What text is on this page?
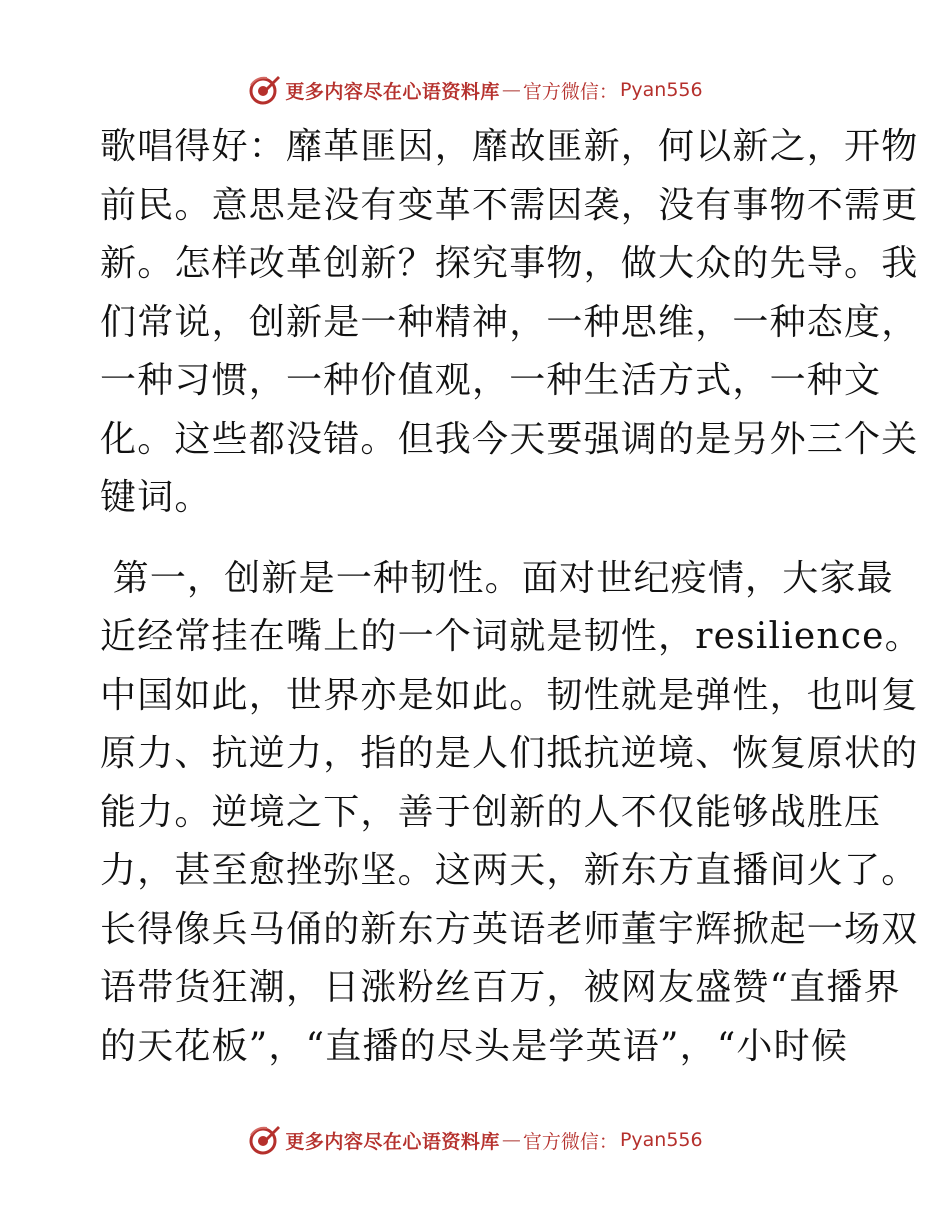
更多内容尽在心语资料库 — 官方微信： Pyan556
歌唱得好：靡革匪因，靡故匪新，何以新之，开物
前民。意思是没有变革不需因袭，没有事物不需更
新。怎样改革创新？探究事物，做大众的先导。我
们常说，创新是一种精神，一种思维，一种态度，
一种习惯，一种价值观，一种生活方式，一种文
化。这些都没错。但我今天要强调的是另外三个关
键词。
第一，创新是一种韧性。面对世纪疫情，大家最
近经常挂在嘴上的一个词就是韧性，resilience。
中国如此，世界亦是如此。韧性就是弹性，也叫复
原力、抗逆力，指的是人们抵抗逆境、恢复原状的
能力。逆境之下，善于创新的人不仅能够战胜压
力，甚至愈挫弥坚。这两天，新东方直播间火了。
长得像兵马俑的新东方英语老师董宇辉掀起一场双
语带货狂潮，日涨粉丝百万，被网友盛赞“直播界
的天花板”，“直播的尽头是学英语”，“小时候
更多内容尽在心语资料库 — 官方微信： Pyan556
